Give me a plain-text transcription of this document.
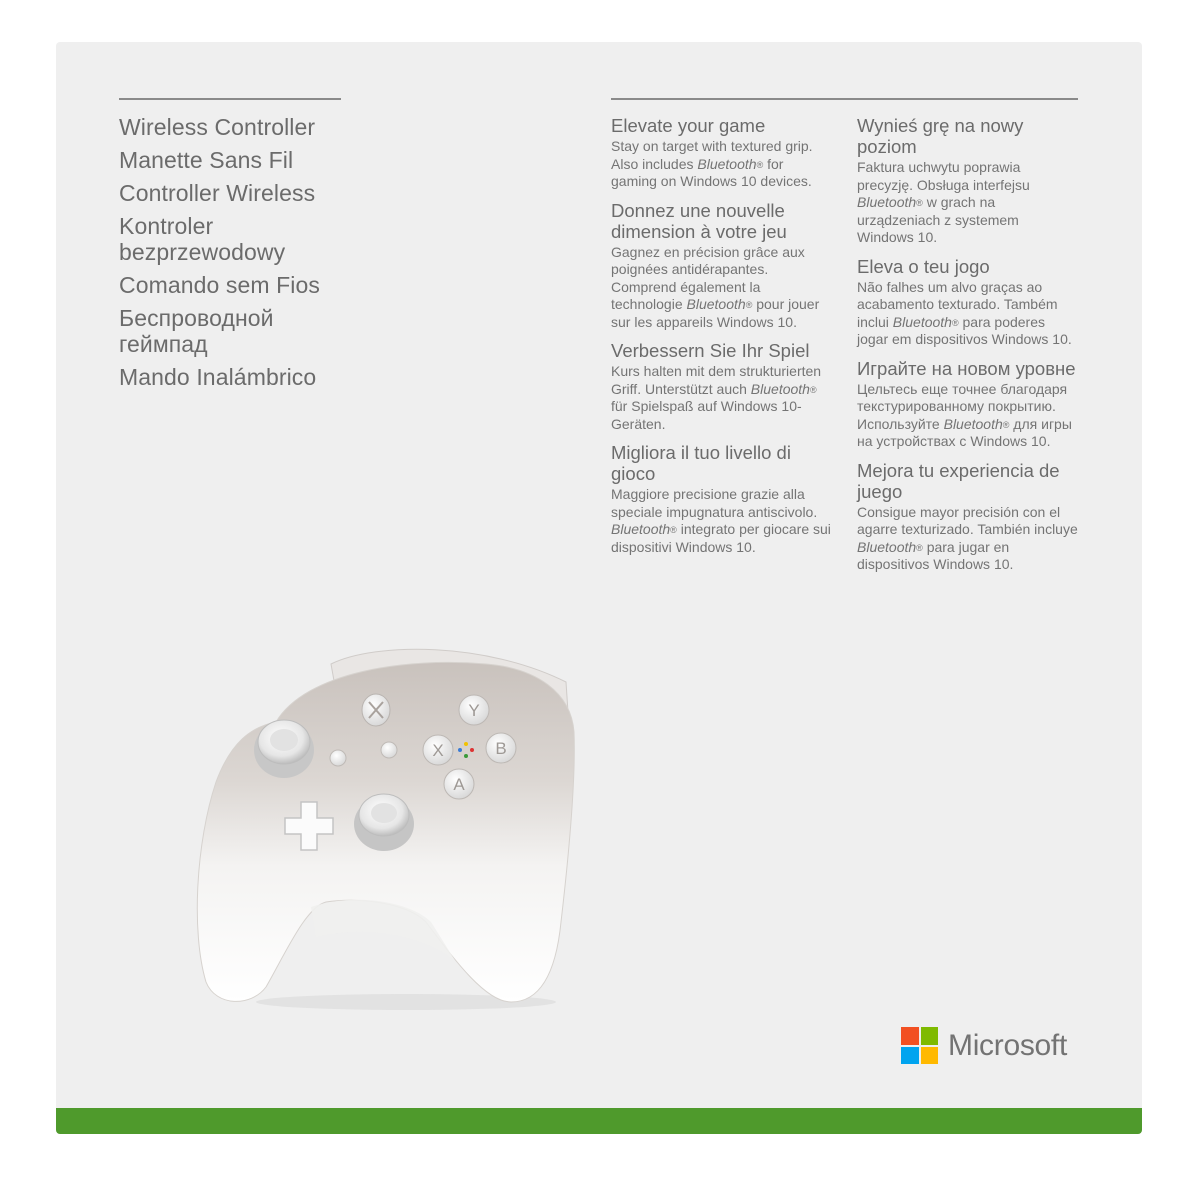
Wireless Controller
Manette Sans Fil
Controller Wireless
Kontroler bezprzewodowy
Comando sem Fios
Беспроводной геймпад
Mando Inalámbrico
Elevate your game

Stay on target with textured grip. Also includes Bluetooth® for gaming on Windows 10 devices.

Donnez une nouvelle dimension à votre jeu

Gagnez en précision grâce aux poignées antidérapantes. Comprend également la technologie Bluetooth® pour jouer sur les appareils Windows 10.

Verbessern Sie Ihr Spiel

Kurs halten mit dem strukturierten Griff. Unterstützt auch Bluetooth® für Spielspaß auf Windows 10-Geräten.

Migliora il tuo livello di gioco

Maggiore precisione grazie alla speciale impugnatura antiscivolo. Bluetooth® integrato per giocare sui dispositivi Windows 10.

Wynieś grę na nowy poziom

Faktura uchwytu poprawia precyzję. Obsługa interfejsu Bluetooth® w grach na urządzeniach z systemem Windows 10.

Eleva o teu jogo

Não falhes um alvo graças ao acabamento texturado. Também inclui Bluetooth® para poderes jogar em dispositivos Windows 10.

Играйте на новом уровне

Цельтесь еще точнее благодаря текстурированному покрытию. Используйте Bluetooth® для игры на устройствах с Windows 10.

Mejora tu experiencia de juego

Consigue mayor precisión con el agarre texturizado. También incluye Bluetooth® para jugar en dispositivos Windows 10.

Y
X	B
A
Microsoft
